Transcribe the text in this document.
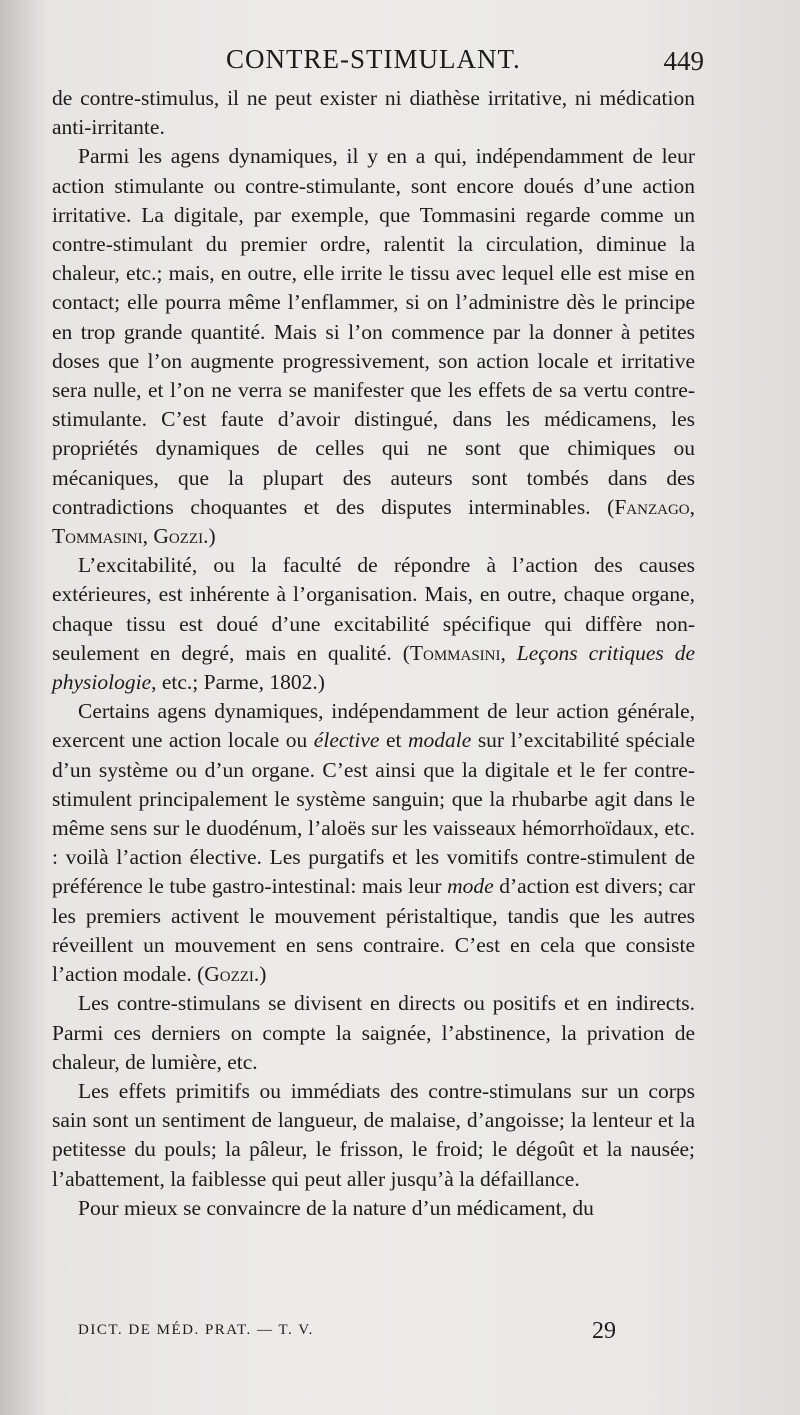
CONTRE-STIMULANT.	449

de contre-stimulus, il ne peut exister ni diathèse irritative, ni médication anti-irritante.

Parmi les agens dynamiques, il y en a qui, indépendamment de leur action stimulante ou contre-stimulante, sont encore doués d’une action irritative. La digitale, par exemple, que Tommasini regarde comme un contre-stimulant du premier ordre, ralentit la circulation, diminue la chaleur, etc.; mais, en outre, elle irrite le tissu avec lequel elle est mise en contact; elle pourra même l’enflammer, si on l’administre dès le principe en trop grande quantité. Mais si l’on commence par la donner à petites doses que l’on augmente progressivement, son action locale et irritative sera nulle, et l’on ne verra se manifester que les effets de sa vertu contre-stimulante. C’est faute d’avoir distingué, dans les médicamens, les propriétés dynamiques de celles qui ne sont que chimiques ou mécaniques, que la plupart des auteurs sont tombés dans des contradictions choquantes et des disputes interminables. (Fanzago, Tommasini, Gozzi.)

L’excitabilité, ou la faculté de répondre à l’action des causes extérieures, est inhérente à l’organisation. Mais, en outre, chaque organe, chaque tissu est doué d’une excitabilité spécifique qui diffère non-seulement en degré, mais en qualité. (Tommasini, Leçons critiques de physiologie, etc.; Parme, 1802.)

Certains agens dynamiques, indépendamment de leur action générale, exercent une action locale ou élective et modale sur l’excitabilité spéciale d’un système ou d’un organe. C’est ainsi que la digitale et le fer contre-stimulent principalement le système sanguin; que la rhubarbe agit dans le même sens sur le duodénum, l’aloës sur les vaisseaux hémorrhoïdaux, etc. : voilà l’action élective. Les purgatifs et les vomitifs contre-stimulent de préférence le tube gastro-intestinal: mais leur mode d’action est divers; car les premiers activent le mouvement péristaltique, tandis que les autres réveillent un mouvement en sens contraire. C’est en cela que consiste l’action modale. (Gozzi.)

Les contre-stimulans se divisent en directs ou positifs et en indirects. Parmi ces derniers on compte la saignée, l’abstinence, la privation de chaleur, de lumière, etc.

Les effets primitifs ou immédiats des contre-stimulans sur un corps sain sont un sentiment de langueur, de malaise, d’angoisse; la lenteur et la petitesse du pouls; la pâleur, le frisson, le froid; le dégoût et la nausée; l’abattement, la faiblesse qui peut aller jusqu’à la défaillance.

Pour mieux se convaincre de la nature d’un médicament, du

DICT. DE MÉD. PRAT. — T. V.	29
